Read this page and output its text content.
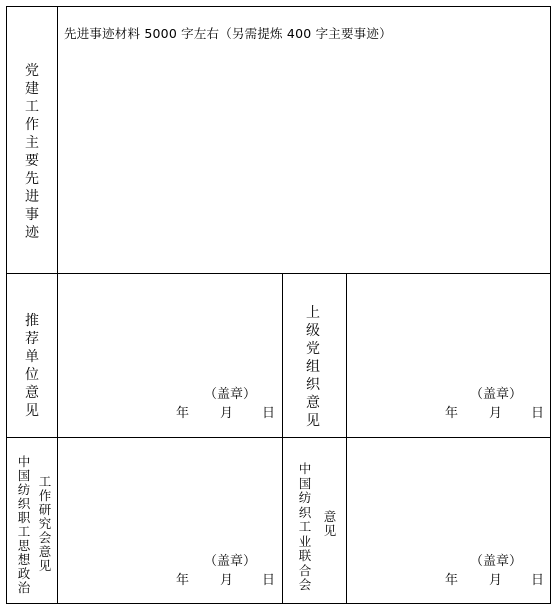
党
建
工
作
主
要
先
进
事
迹
先进事迹材料 5000 字左右（另需提炼 400 字主要事迹）
推
荐
单
位
意
见
（盖章）
年 月 日
上
级
党
组
织
意
见
（盖章）
年 月 日
中
国
纺
织
职
工
思
想
政
治
工
作
研
究
会
意
见	（盖章）
年 月 日
中
国
纺
织
工
业
联
合
会
意
见
（盖章）
年 月 日
